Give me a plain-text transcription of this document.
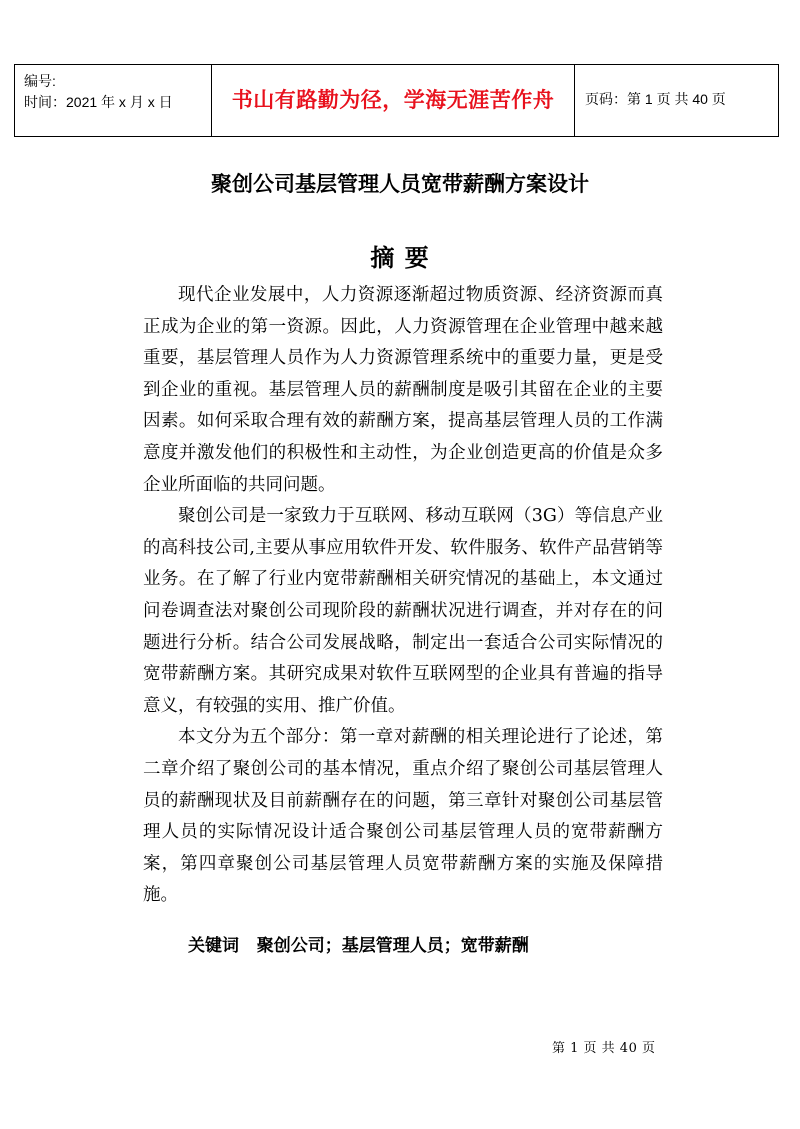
编号:
时间：2021 年 x 月 x 日	书山有路勤为径，学海无涯苦作舟 页码：第 1 页 共 40 页
聚创公司基层管理人员宽带薪酬方案设计
摘 要

现代企业发展中，人力资源逐渐超过物质资源、经济资源而真正成为企业的第一资源。因此，人力资源管理在企业管理中越来越重要，基层管理人员作为人力资源管理系统中的重要力量，更是受到企业的重视。基层管理人员的薪酬制度是吸引其留在企业的主要因素。如何采取合理有效的薪酬方案，提高基层管理人员的工作满意度并激发他们的积极性和主动性，为企业创造更高的价值是众多企业所面临的共同问题。

聚创公司是一家致力于互联网、移动互联网（3G）等信息产业的高科技公司,主要从事应用软件开发、软件服务、软件产品营销等业务。在了解了行业内宽带薪酬相关研究情况的基础上，本文通过问卷调查法对聚创公司现阶段的薪酬状况进行调查，并对存在的问题进行分析。结合公司发展战略，制定出一套适合公司实际情况的宽带薪酬方案。其研究成果对软件互联网型的企业具有普遍的指导意义，有较强的实用、推广价值。

本文分为五个部分：第一章对薪酬的相关理论进行了论述，第二章介绍了聚创公司的基本情况，重点介绍了聚创公司基层管理人员的薪酬现状及目前薪酬存在的问题，第三章针对聚创公司基层管理人员的实际情况设计适合聚创公司基层管理人员的宽带薪酬方案，第四章聚创公司基层管理人员宽带薪酬方案的实施及保障措施。

关键词   聚创公司；基层管理人员；宽带薪酬
第 1 页 共 40 页
